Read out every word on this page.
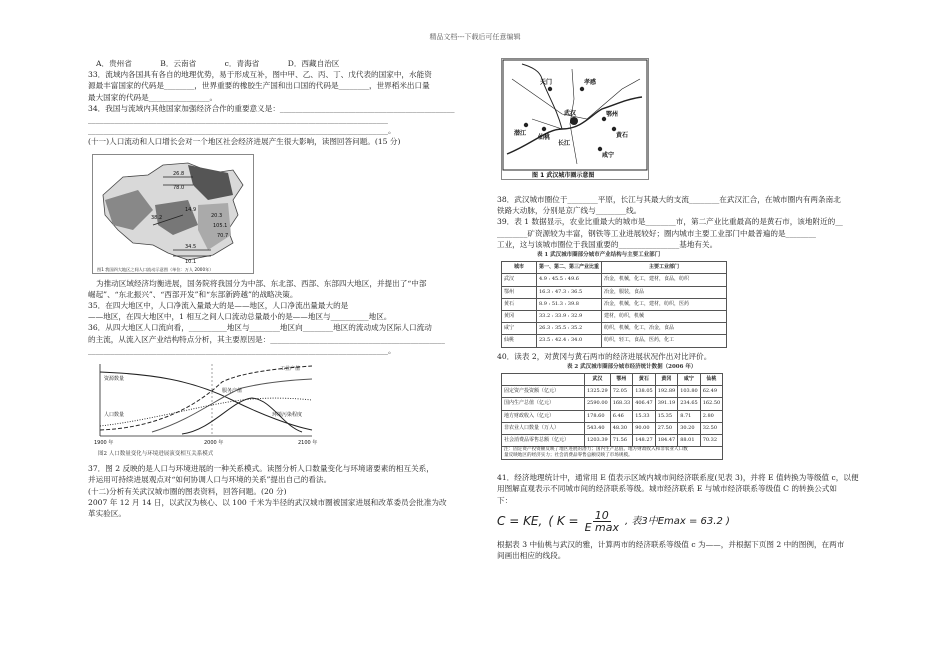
精品文档---下载后可任意编辑
A．贵州省	B．云南省	c．青海省	D．西藏自治区
33．流域内各国具有各自的地理优势，易于形成互补，图中甲、乙、丙、丁、戊代表的国家中，水能资
源最丰富国家的代码是________，世界重要的橡胶生产国和出口国的代码是________，世界稻米出口量
最大国家的代码是________________。
34．我国与流域内其他国家加强经济合作的重要意义是：______________________________________________
_______________________________________________________________________________
_______________________________________________________________________________。
(十一)人口流动和人口增长会对一个地区社会经济进展产生很大影响，读图回答问题。(15 分)
26.8
78.0
38.2
14.9
20.3
105.1
70.7
34.5
10.1
图1 我国四大地区之间人口流动示意图（单位：万人 2000年）
为推动区域经济均衡进展，国务院将我国分为中部、东北部、西部、东部四大地区，并提出了“中部
崛起”、“东北振兴”、“西部开发”和“东部新跨越”的战略决策。
35．在四大地区中，人口净流入量最大的是——地区，人口净流出量最大的是
——地区，在四大地区中，1 相互之间人口流动总量最小的是——地区与__________地区。
36．从四大地区人口流向看，__________地区与________地区向________地区的流动成为区际人口流动
的主流，从流入区产业结构特点分析，其主要原因是：______________________________________________
_______________________________________________________________________________。
工业产值
资源数量
服务产值
人口数量	环境污染程度
1900 年	2000 年	2100 年
图2 人口数量变化与环境进展演变相互关系模式
37．图 2 反映的是人口与环境进展的一种关系模式。读图分析人口数量变化与环境诸要素的相互关系，
并运用可持续进展观点对“如何协调人口与环境的关系”提出自己的看法。
(十二)分析有关武汉城市圈的图表资料，回答问题。(20 分)
2007 年 12 月 14 日，以武汉为核心、以 100 千米为半径的武汉城市圈被国家进展和改革委员会批准为改
革实验区。
天门	孝感
潜江
仙桃
武汉	鄂州
黄石
咸宁
长江
图 1 武汉城市圈示意图
38．武汉城市圈位于________平原，长江与其最大的支流________在武汉汇合，在城市圈内有两条南北
铁路大动脉，分别是京广线与________线。
39．表 1 数据显示，农业比重最大的城市是________市，第二产业比重最高的是黄石市，该地附近的__
________矿资源较为丰富，钢铁等工业进展较好；圈内城市主要工业部门中最普遍的是________
工业，这与该城市圈位于我国重要的________________基地有关。
表 1 武汉城市圈部分城市产业结构与主要工业部门
城市	第一、第二、第三产业比重	主要工业部门
武汉	4.9 : 45.5 : 49.6	冶金，机械，化工，建材，食品，纺织
鄂州	16.3 : 47.3 : 36.5	冶金，服装，食品
黄石	8.9 : 51.3 : 39.8	冶金，机械，化工，建材，纺织，医药
黄冈	33.2 : 33.9 : 32.9	建材，纺织，机械
咸宁	26.3 : 35.5 : 35.2	纺织，机械，化工，冶金，食品
仙桃	23.5 : 42.4 : 34.0	纺织，轻工，食品，医药，化工
40．读表 2，对黄冈与黄石两市的经济进展状况作出对比评价。
表 2 武汉城市圈部分城市经济统计数据（2006 年）
	武汉	鄂州	黄石	黄冈	咸宁	仙桃
固定资产投资额（亿元）	1325.29	72.05	138.05	192.89	103.80	62.49
国内生产总值（亿元）	2590.00	168.33	406.47	391.19	234.65	162.50
地方财政收入（亿元）	178.60	6.46	15.33	15.35	8.71	2.80
非农业人口数量（万人）	543.40	48.30	90.00	27.50	30.20	32.50
社会消费品零售总额（亿元）	1203.39	71.56	148.27	184.47	88.01	70.32

注：固定资产投资额反映了地区进展的潜力；国内生产总值、地方财政收入和非农业人口数
量反映地区的经济实力；社会消费品零售总额反映了市场规模。						
41．经济地理统计中，通常用 E 值表示区域内城市间经济联系度(见表 3)，并将 E 值转换为等级值 c，以便
用图解直观表示不同城市间的经济联系等级。城市经济联系 E 与城市经济联系等级值 C 的转换公式如
下：
C = KE, ( $K = \frac{10}{\text{E max}}$ , 表3中Emax = 63.2 )
根据表 3 中仙桃与武汉的雅，计算两市的经济联系等级值 c 为——，并根据下页图 2 中的图例，在两市
间画出相应的线段。
